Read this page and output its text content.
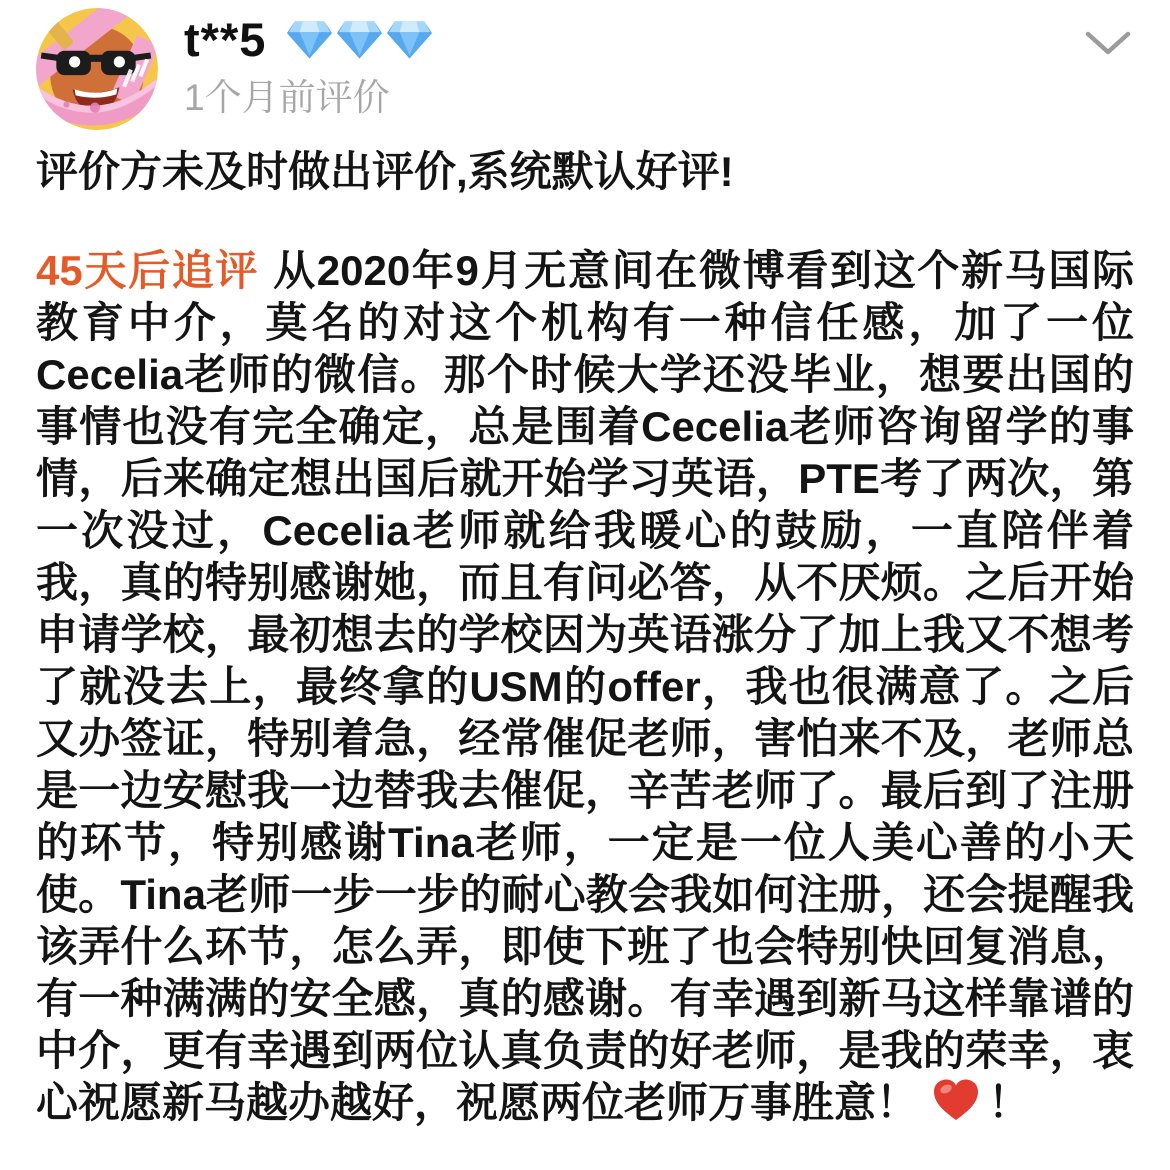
t**5
1个月前评价

评价方未及时做出评价,系统默认好评!

45天后追评 从2020年9月无意间在微博看到这个新马国际教育中介，莫名的对这个机构有一种信任感，加了一位Cecelia老师的微信。那个时候大学还没毕业，想要出国的事情也没有完全确定，总是围着Cecelia老师咨询留学的事情，后来确定想出国后就开始学习英语，PTE考了两次，第一次没过，Cecelia老师就给我暖心的鼓励，一直陪伴着我，真的特别感谢她，而且有问必答，从不厌烦。之后开始申请学校，最初想去的学校因为英语涨分了加上我又不想考了就没去上，最终拿的USM的offer，我也很满意了。之后又办签证，特别着急，经常催促老师，害怕来不及，老师总是一边安慰我一边替我去催促，辛苦老师了。最后到了注册的环节，特别感谢Tina老师，一定是一位人美心善的小天使。Tina老师一步一步的耐心教会我如何注册，还会提醒我该弄什么环节，怎么弄，即使下班了也会特别快回复消息，有一种满满的安全感，真的感谢。有幸遇到新马这样靠谱的中介，更有幸遇到两位认真负责的好老师，是我的荣幸，衷心祝愿新马越办越好，祝愿两位老师万事胜意！ ！
